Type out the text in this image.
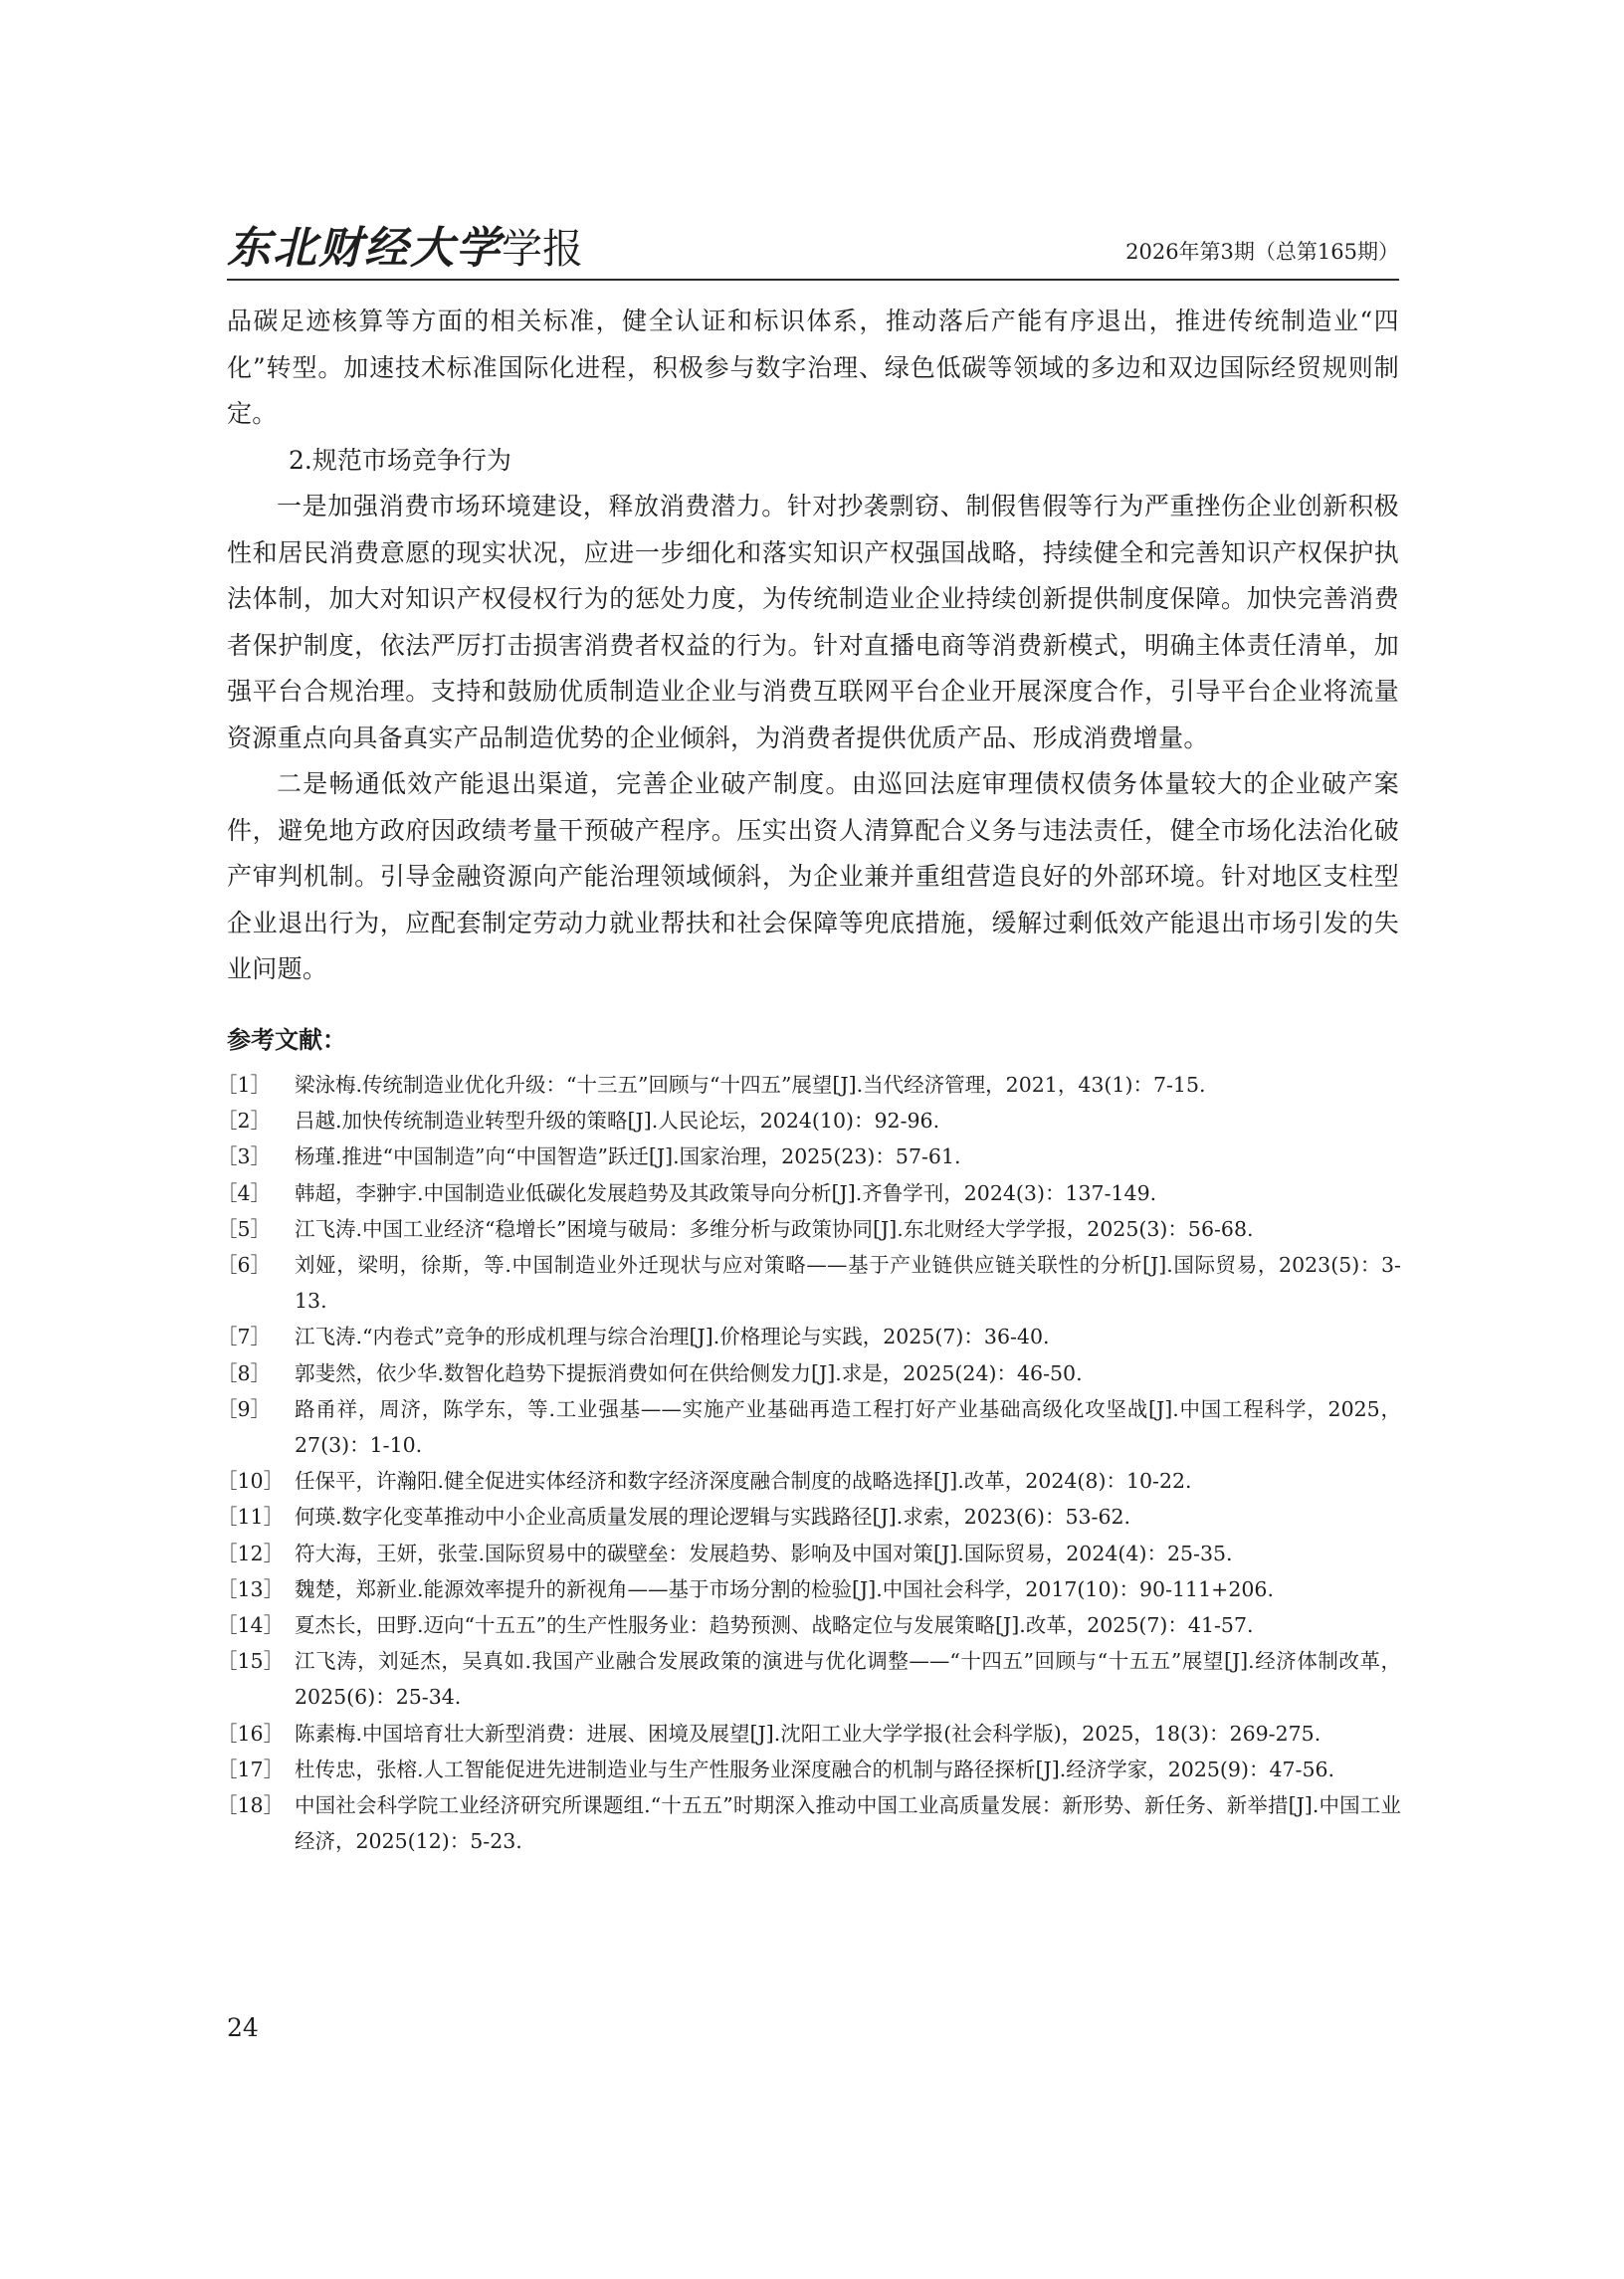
东北财经大学学报	2026年第3期（总第165期）

品碳足迹核算等方面的相关标准，健全认证和标识体系，推动落后产能有序退出，推进传统制造业“四化”转型。加速技术标准国际化进程，积极参与数字治理、绿色低碳等领域的多边和双边国际经贸规则制定。

2.规范市场竞争行为

一是加强消费市场环境建设，释放消费潜力。针对抄袭剽窃、制假售假等行为严重挫伤企业创新积极性和居民消费意愿的现实状况，应进一步细化和落实知识产权强国战略，持续健全和完善知识产权保护执法体制，加大对知识产权侵权行为的惩处力度，为传统制造业企业持续创新提供制度保障。加快完善消费者保护制度，依法严厉打击损害消费者权益的行为。针对直播电商等消费新模式，明确主体责任清单，加强平台合规治理。支持和鼓励优质制造业企业与消费互联网平台企业开展深度合作，引导平台企业将流量资源重点向具备真实产品制造优势的企业倾斜，为消费者提供优质产品、形成消费增量。

二是畅通低效产能退出渠道，完善企业破产制度。由巡回法庭审理债权债务体量较大的企业破产案件，避免地方政府因政绩考量干预破产程序。压实出资人清算配合义务与违法责任，健全市场化法治化破产审判机制。引导金融资源向产能治理领域倾斜，为企业兼并重组营造良好的外部环境。针对地区支柱型企业退出行为，应配套制定劳动力就业帮扶和社会保障等兜底措施，缓解过剩低效产能退出市场引发的失业问题。

参考文献：
［1］	梁泳梅.传统制造业优化升级：“十三五”回顾与“十四五”展望[J].当代经济管理，2021，43(1)：7-15.
［2］	吕越.加快传统制造业转型升级的策略[J].人民论坛，2024(10)：92-96.
［3］	杨瑾.推进“中国制造”向“中国智造”跃迁[J].国家治理，2025(23)：57-61.
［4］	韩超，李翀宇.中国制造业低碳化发展趋势及其政策导向分析[J].齐鲁学刊，2024(3)：137-149.
［5］	江飞涛.中国工业经济“稳增长”困境与破局：多维分析与政策协同[J].东北财经大学学报，2025(3)：56-68.
［6］	刘娅，梁明，徐斯，等.中国制造业外迁现状与应对策略——基于产业链供应链关联性的分析[J].国际贸易，2023(5)：3-13.
［7］	江飞涛.“内卷式”竞争的形成机理与综合治理[J].价格理论与实践，2025(7)：36-40.
［8］	郭斐然，依少华.数智化趋势下提振消费如何在供给侧发力[J].求是，2025(24)：46-50.
［9］	路甬祥，周济，陈学东，等.工业强基——实施产业基础再造工程打好产业基础高级化攻坚战[J].中国工程科学，2025，27(3)：1-10.
［10］ 任保平，许瀚阳.健全促进实体经济和数字经济深度融合制度的战略选择[J].改革，2024(8)：10-22.
［11］ 何瑛.数字化变革推动中小企业高质量发展的理论逻辑与实践路径[J].求索，2023(6)：53-62.
［12］ 符大海，王妍，张莹.国际贸易中的碳壁垒：发展趋势、影响及中国对策[J].国际贸易，2024(4)：25-35.
［13］ 魏楚，郑新业.能源效率提升的新视角——基于市场分割的检验[J].中国社会科学，2017(10)：90-111+206.
［14］ 夏杰长，田野.迈向“十五五”的生产性服务业：趋势预测、战略定位与发展策略[J].改革，2025(7)：41-57.
［15］ 江飞涛，刘延杰，吴真如.我国产业融合发展政策的演进与优化调整——“十四五”回顾与“十五五”展望[J].经济体制改革，2025(6)：25-34.
［16］ 陈素梅.中国培育壮大新型消费：进展、困境及展望[J].沈阳工业大学学报(社会科学版)，2025，18(3)：269-275.
［17］ 杜传忠，张榕.人工智能促进先进制造业与生产性服务业深度融合的机制与路径探析[J].经济学家，2025(9)：47-56.
［18］ 中国社会科学院工业经济研究所课题组.“十五五”时期深入推动中国工业高质量发展：新形势、新任务、新举措[J].中国工业经济，2025(12)：5-23.
24
